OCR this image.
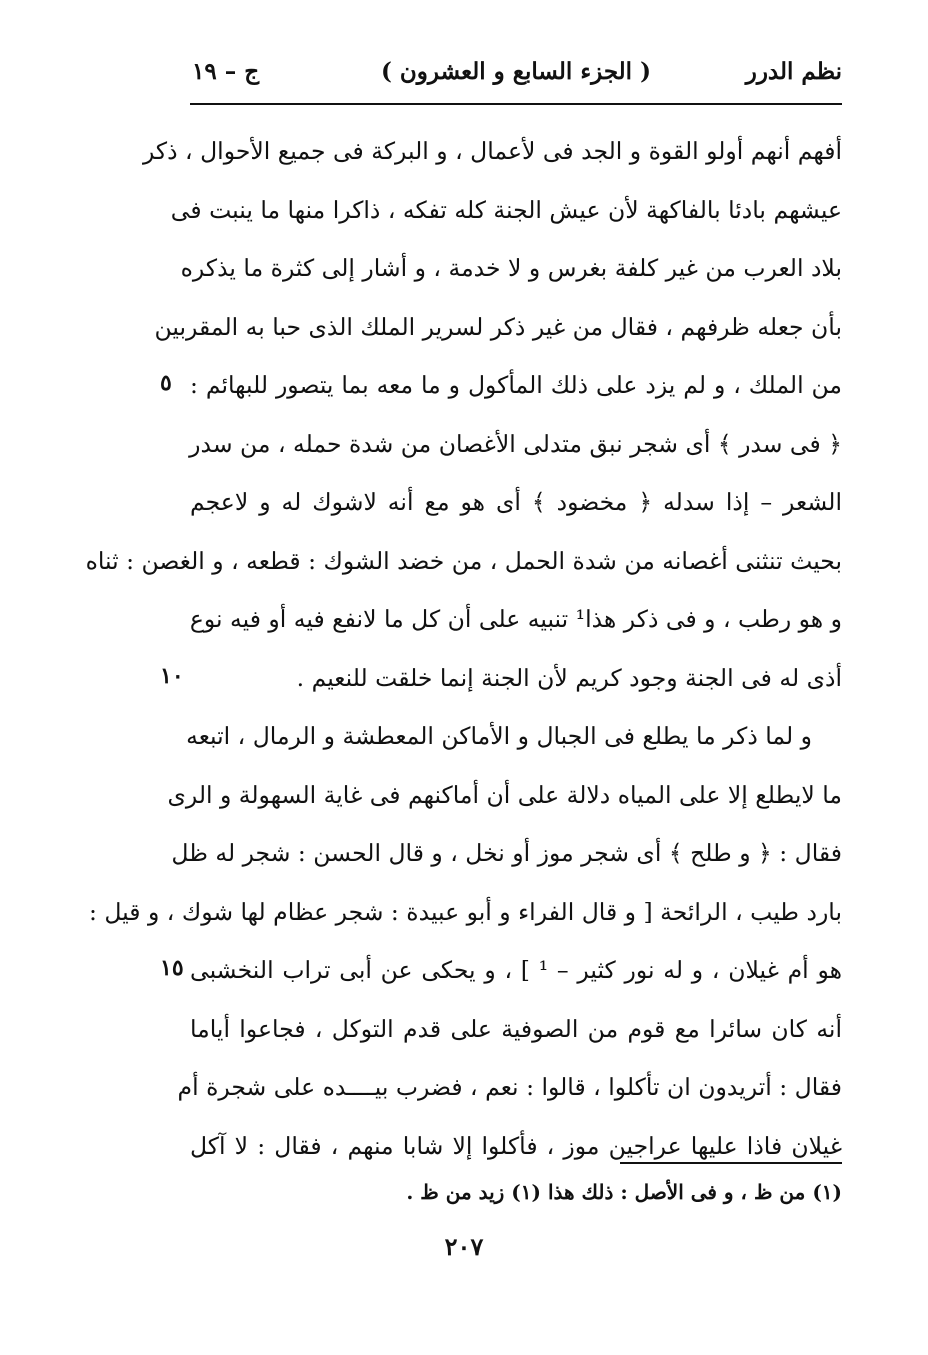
نظم الدرر
( الجزء السابع و العشرون )
ج – ١٩
أفهم أنهم أولو القوة و الجد فى لأعمال ، و البركة فى جميع الأحوال ، ذكر
عيشهم بادئا بالفاكهة لأن عيش الجنة كله تفكه ، ذاكرا منها ما ينبت فى
بلاد العرب من غير كلفة بغرس و لا خدمة ، و أشار إلى كثرة ما يذكره
بأن جعله ظرفهم ، فقال من غير ذكر لسرير الملك الذى حبا به المقربين
من الملك ، و لم يزد على ذلك المأكول و ما معه بما يتصور للبهائم :
﴿ فى سدر ﴾ أى شجر نبق متدلى الأغصان من شدة حمله ، من سدر
الشعر – إذا سدله ﴿ مخضود ﴾ أى هو مع أنه لاشوك له و لاعجم
بحيث تنثنى أغصانه من شدة الحمل ، من خضد الشوك : قطعه ، و الغصن : ثناه
و هو رطب ، و فى ذكر هذا¹ تنبيه على أن كل ما لانفع فيه أو فيه نوع
أذى له فى الجنة وجود كريم لأن الجنة إنما خلقت للنعيم .
و لما ذكر ما يطلع فى الجبال و الأماكن المعطشة و الرمال ، اتبعه
ما لايطلع إلا على المياه دلالة على أن أماكنهم فى غاية السهولة و الرى
فقال : ﴿ و طلح ﴾ أى شجر موز أو نخل ، و قال الحسن : شجر له ظل
بارد طيب ، الرائحة [ و قال الفراء و أبو عبيدة : شجر عظام لها شوك ، و قيل :
هو أم غيلان ، و له نور كثير – ¹ ] ، و يحكى عن أبى تراب النخشبى
أنه كان سائرا مع قوم من الصوفية على قدم التوكل ، فجاعوا أياما
فقال : أتريدون ان تأكلوا ، قالوا : نعم ، فضرب بيــــده على شجرة أم
غيلان فاذا عليها عراجين موز ، فأكلوا إلا شابا منهم ، فقال : لا آكل
٥
١٠
١٥
(١) من ظ ، و فى الأصل : ذلك هذا (١) زيد من ظ .
٢٠٧
